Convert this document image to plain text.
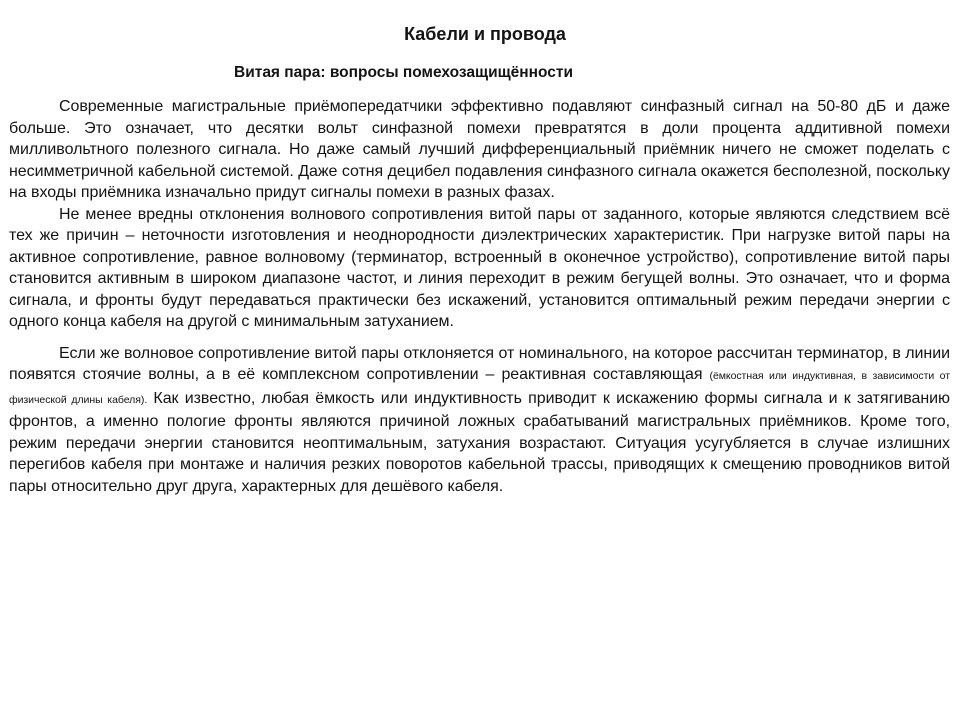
Кабели и провода
Витая пара: вопросы помехозащищённости

Современные магистральные приёмопередатчики эффективно подавляют синфазный сигнал на 50-80 дБ и даже больше. Это означает, что десятки вольт синфазной помехи превратятся в доли процента аддитивной помехи милливольтного полезного сигнала. Но даже самый лучший дифференциальный приёмник ничего не сможет поделать с несимметричной кабельной системой. Даже сотня децибел подавления синфазного сигнала окажется бесполезной, поскольку на входы приёмника изначально придут сигналы помехи в разных фазах.

Не менее вредны отклонения волнового сопротивления витой пары от заданного, которые являются следствием всё тех же причин – неточности изготовления и неоднородности диэлектрических характеристик. При нагрузке витой пары на активное сопротивление, равное волновому (терминатор, встроенный в оконечное устройство), сопротивление витой пары становится активным в широком диапазоне частот, и линия переходит в режим бегущей волны. Это означает, что и форма сигнала, и фронты будут передаваться практически без искажений, установится оптимальный режим передачи энергии с одного конца кабеля на другой с минимальным затуханием.

Если же волновое сопротивление витой пары отклоняется от номинального, на которое рассчитан терминатор, в линии появятся стоячие волны, а в её комплексном сопротивлении – реактивная составляющая (ёмкостная или индуктивная, в зависимости от физической длины кабеля). Как известно, любая ёмкость или индуктивность приводит к искажению формы сигнала и к затягиванию фронтов, а именно пологие фронты являются причиной ложных срабатываний магистральных приёмников. Кроме того, режим передачи энергии становится неоптимальным, затухания возрастают. Ситуация усугубляется в случае излишних перегибов кабеля при монтаже и наличия резких поворотов кабельной трассы, приводящих к смещению проводников витой пары относительно друг друга, характерных для дешёвого кабеля.
